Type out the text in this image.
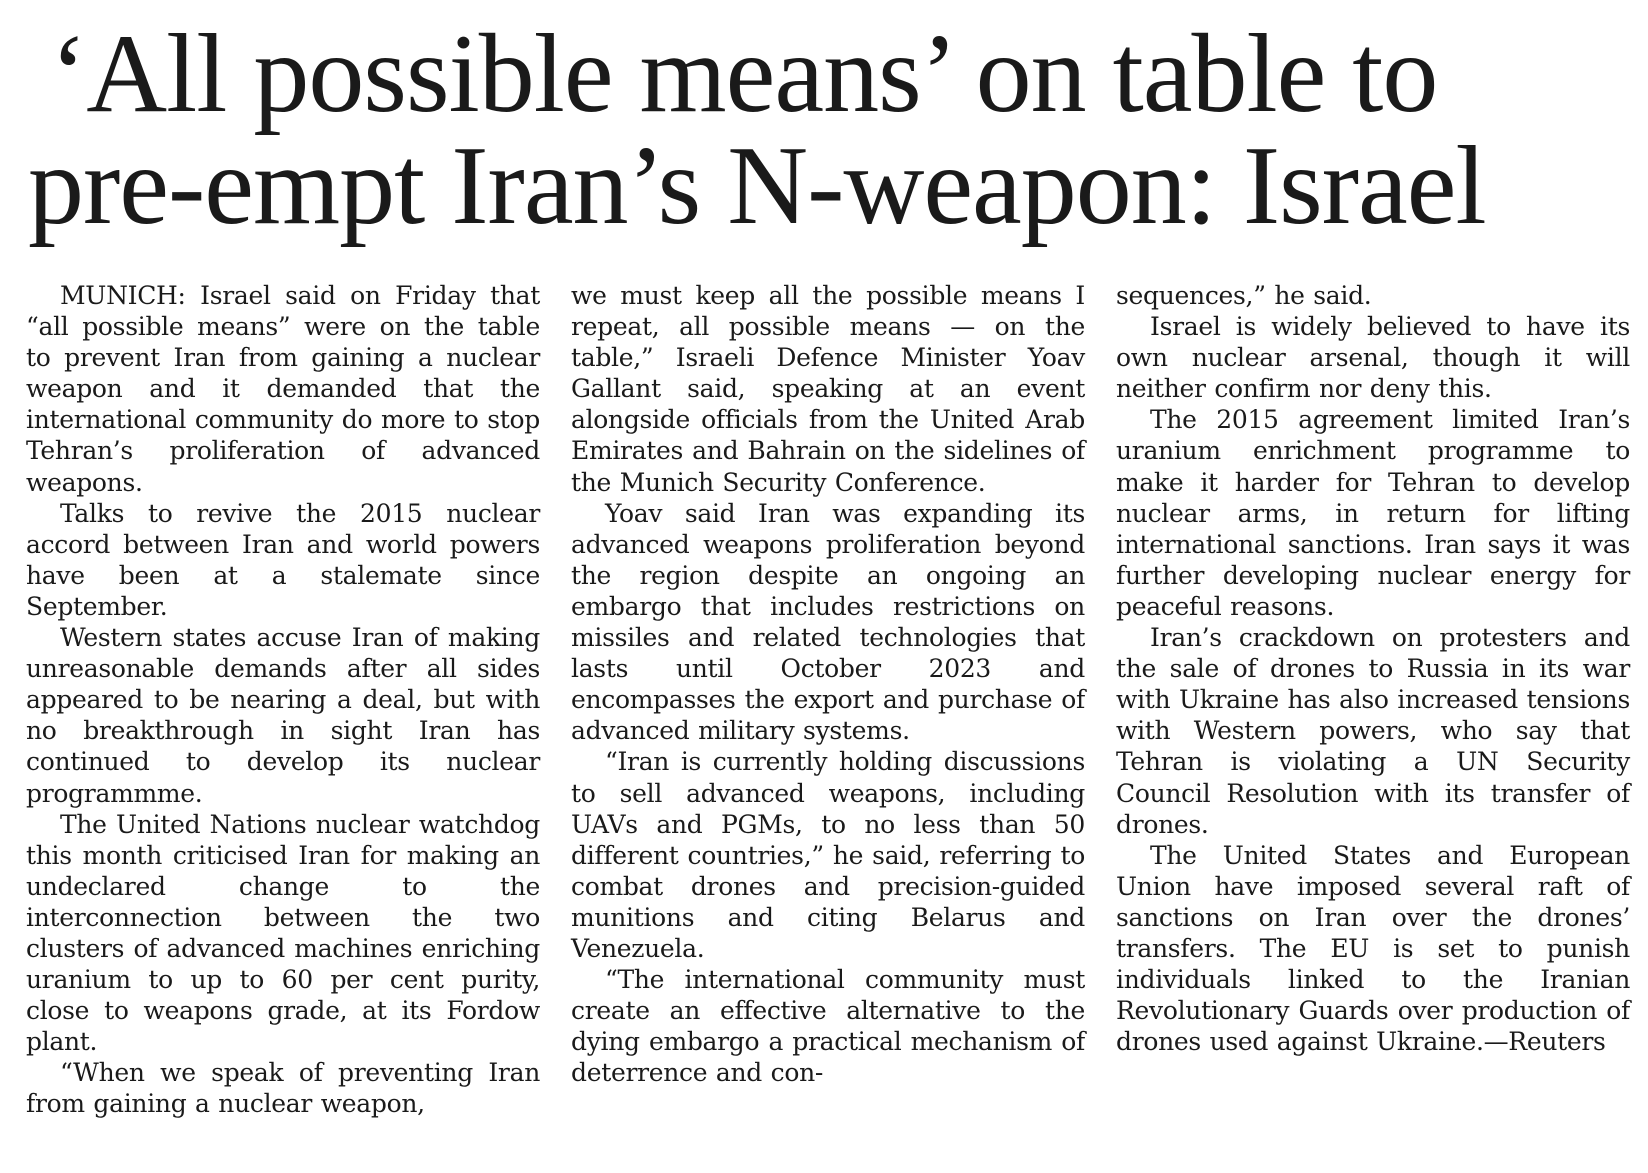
‘All possible means’ on table to
pre-empt Iran’s N-weapon: Israel

MUNICH: Israel said on Friday that “all possible means” were on the table to prevent Iran from gaining a nuclear weapon and it demanded that the international community do more to stop Tehran’s proliferation of advanced weapons.

Talks to revive the 2015 nuclear accord between Iran and world powers have been at a stalemate since September.

Western states accuse Iran of making unreasonable demands after all sides appeared to be nearing a deal, but with no breakthrough in sight Iran has continued to develop its nuclear programmme.

The United Nations nuclear watchdog this month criticised Iran for making an undeclared change to the interconnection between the two clusters of advanced machines enriching uranium to up to 60 per cent purity, close to weapons grade, at its Fordow plant.

“When we speak of preventing Iran from gaining a nuclear weapon,

we must keep all the possible means I repeat, all possible means — on the table,” Israeli Defence Minister Yoav Gallant said, speaking at an event alongside officials from the United Arab Emirates and Bahrain on the sidelines of the Munich Security Conference.

Yoav said Iran was expanding its advanced weapons proliferation beyond the region despite an ongoing an embargo that includes restrictions on missiles and related technologies that lasts until October 2023 and encompasses the export and purchase of advanced military systems.

“Iran is currently holding discussions to sell advanced weapons, including UAVs and PGMs, to no less than 50 different countries,” he said, referring to combat drones and precision-guided munitions and citing Belarus and Venezuela.

“The international community must create an effective alternative to the dying embargo a practical mechanism of deterrence and con-

sequences,” he said.

Israel is widely believed to have its own nuclear arsenal, though it will neither confirm nor deny this.

The 2015 agreement limited Iran’s uranium enrichment programme to make it harder for Tehran to develop nuclear arms, in return for lifting international sanctions. Iran says it was further developing nuclear energy for peaceful reasons.

Iran’s crackdown on protesters and the sale of drones to Russia in its war with Ukraine has also increased tensions with Western powers, who say that Tehran is violating a UN Security Council Resolution with its transfer of drones.

The United States and European Union have imposed several raft of sanctions on Iran over the drones’ transfers. The EU is set to punish individuals linked to the Iranian Revolutionary Guards over production of drones used against Ukraine.—Reuters
